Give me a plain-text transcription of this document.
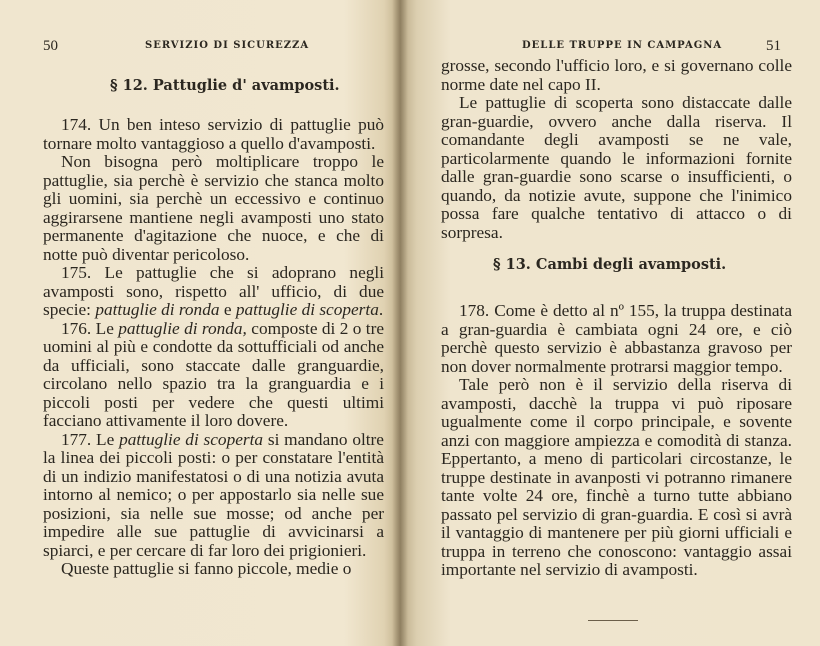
50	SERVIZIO DI SICUREZZA
§ 12. Pattuglie d' avamposti.

174. Un ben inteso servizio di pattuglie può tornare molto vantaggioso a quello d'avamposti.

Non bisogna però moltiplicare troppo le pattuglie, sia perchè è servizio che stanca molto gli uomini, sia perchè un eccessivo e continuo aggirarsene mantiene negli avamposti uno stato permanente d'agitazione che nuoce, e che di notte può diventar pericoloso.

175. Le pattuglie che si adoprano negli avamposti sono, rispetto all' ufficio, di due specie: pattuglie di ronda e pattuglie di scoperta.

176. Le pattuglie di ronda, composte di 2 o tre uomini al più e condotte da sottufficiali od anche da ufficiali, sono staccate dalle granguardie, circolano nello spazio tra la granguardia e i piccoli posti per vedere che questi ultimi facciano attivamente il loro dovere.

177. Le pattuglie di scoperta si mandano oltre la linea dei piccoli posti: o per constatare l'entità di un indizio manifestatosi o di una notizia avuta intorno al nemico; o per appostarlo sia nelle sue posizioni, sia nelle sue mosse; od anche per impedire alle sue pattuglie di avvicinarsi a spiarci, e per cercare di far loro dei prigionieri.

Queste pattuglie si fanno piccole, medie o

DELLE TRUPPE IN CAMPAGNA	51

grosse, secondo l'ufficio loro, e si governano colle norme date nel capo II.

Le pattuglie di scoperta sono distaccate dalle gran-guardie, ovvero anche dalla riserva. Il comandante degli avamposti se ne vale, particolarmente quando le informazioni fornite dalle gran-guardie sono scarse o insufficienti, o quando, da notizie avute, suppone che l'inimico possa fare qualche tentativo di attacco o di sorpresa.

§ 13. Cambi degli avamposti.

178. Come è detto al nº 155, la truppa destinata a gran-guardia è cambiata ogni 24 ore, e ciò perchè questo servizio è abbastanza gravoso per non dover normalmente protrarsi maggior tempo.

Tale però non è il servizio della riserva di avamposti, dacchè la truppa vi può riposare ugualmente come il corpo principale, e sovente anzi con maggiore ampiezza e comodità di stanza. Eppertanto, a meno di particolari circostanze, le truppe destinate in avanposti vi potranno rimanere tante volte 24 ore, finchè a turno tutte abbiano passato pel servizio di gran-guardia. E così si avrà il vantaggio di mantenere per più giorni ufficiali e truppa in terreno che conoscono: vantaggio assai importante nel servizio di avamposti.
